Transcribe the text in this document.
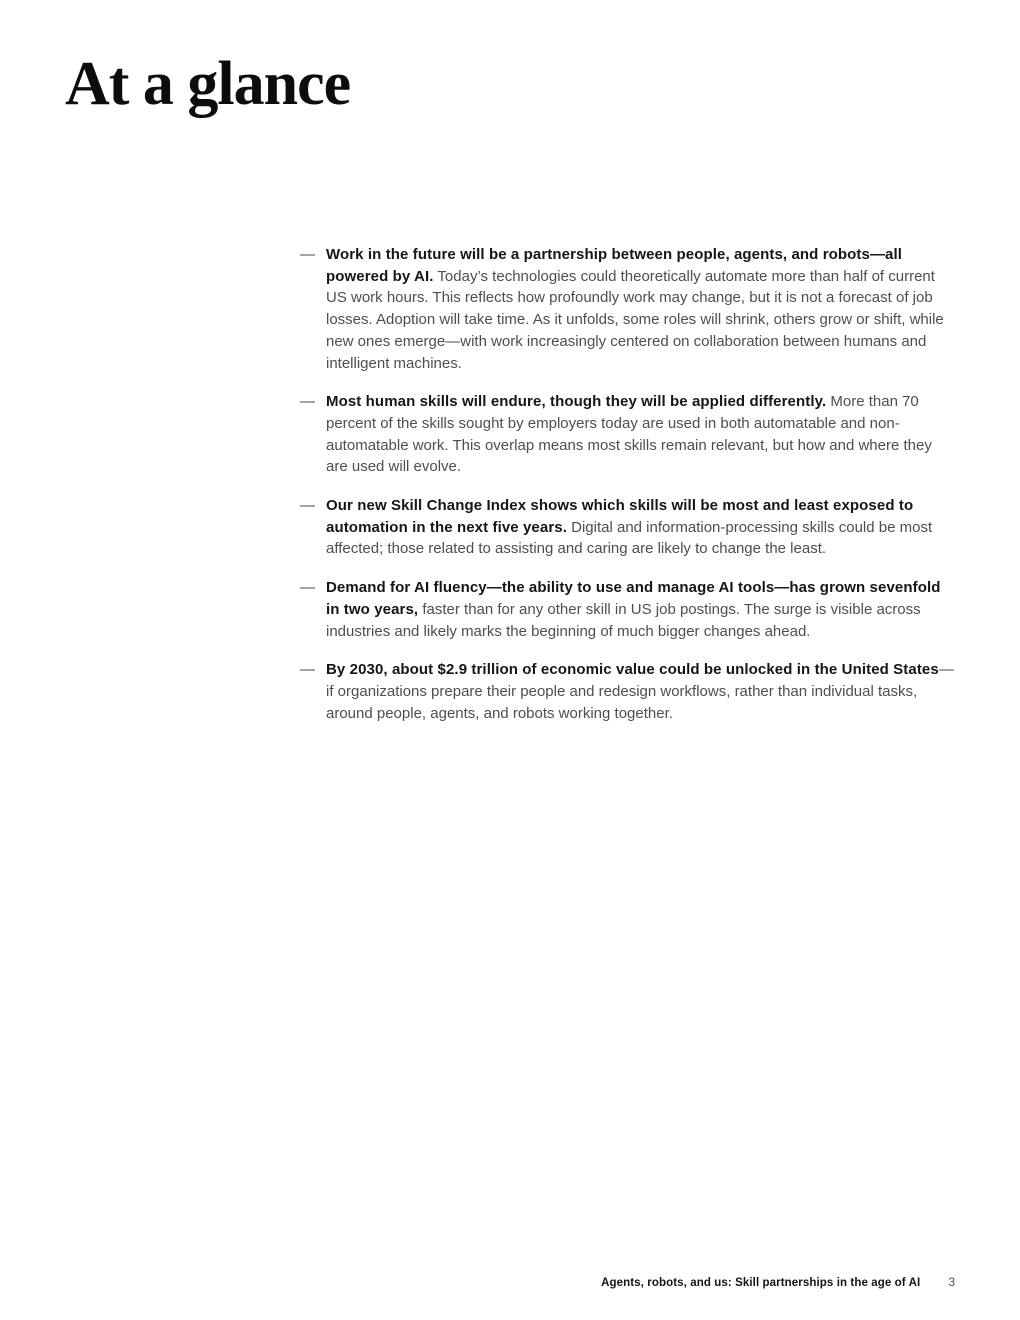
At a glance
— Work in the future will be a partnership between people, agents, and robots—all powered by AI. Today’s technologies could theoretically automate more than half of current US work hours. This reflects how profoundly work may change, but it is not a forecast of job losses. Adoption will take time. As it unfolds, some roles will shrink, others grow or shift, while new ones emerge—with work increasingly centered on collaboration between humans and intelligent machines.
— Most human skills will endure, though they will be applied differently. More than 70 percent of the skills sought by employers today are used in both automatable and non-automatable work. This overlap means most skills remain relevant, but how and where they are used will evolve.
— Our new Skill Change Index shows which skills will be most and least exposed to automation in the next five years. Digital and information-processing skills could be most affected; those related to assisting and caring are likely to change the least.
— Demand for AI fluency—the ability to use and manage AI tools—has grown sevenfold in two years, faster than for any other skill in US job postings. The surge is visible across industries and likely marks the beginning of much bigger changes ahead.
— By 2030, about $2.9 trillion of economic value could be unlocked in the United States—if organizations prepare their people and redesign workflows, rather than individual tasks, around people, agents, and robots working together.
Agents, robots, and us: Skill partnerships in the age of AI 3
